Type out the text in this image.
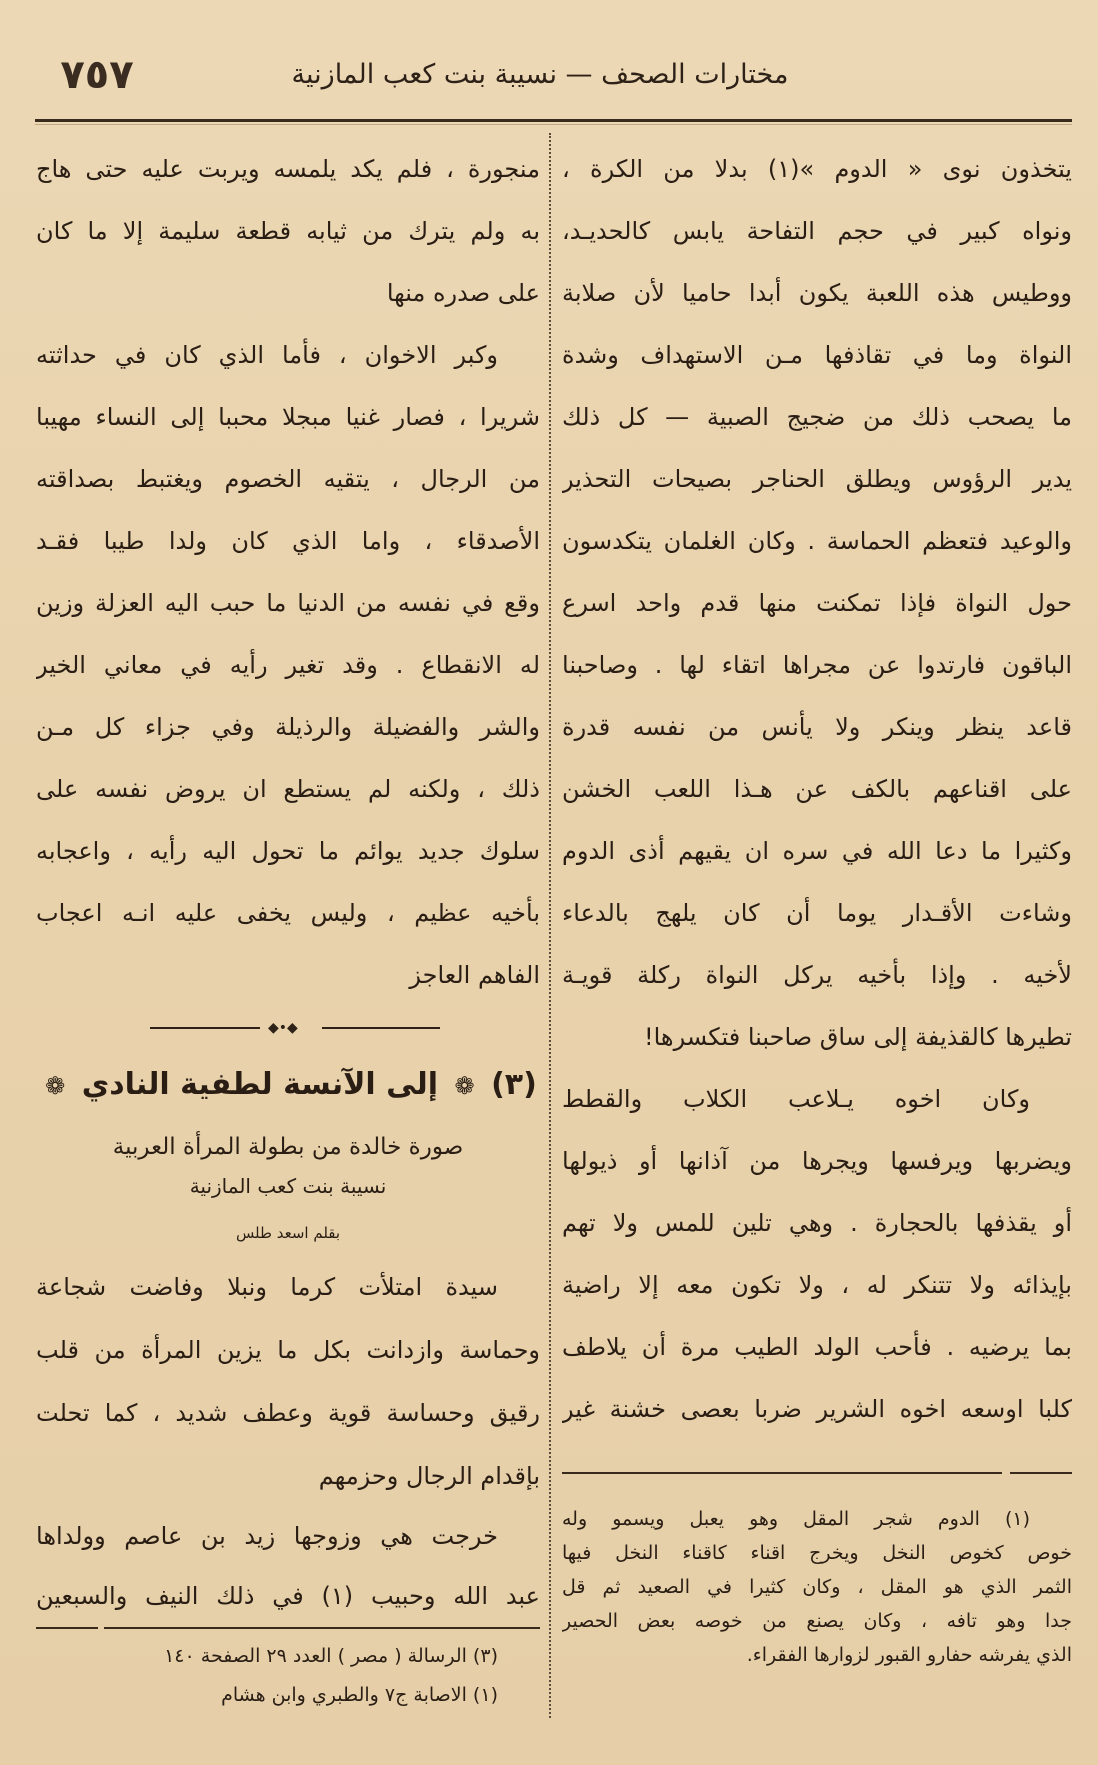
٧٥٧	مختارات الصحف — نسيبة بنت كعب المازنية
يتخذون نوى « الدوم »(١) بدلا من الكرة ،
ونواه كبير في حجم التفاحة يابس كالحديـد،
ووطيس هذه اللعبة يكون أبدا حاميا لأن صلابة
النواة وما في تقاذفها مـن الاستهداف وشدة
ما يصحب ذلك من ضجيج الصبية — كل ذلك
يدير الرؤوس ويطلق الحناجر بصيحات التحذير
والوعيد فتعظم الحماسة . وكان الغلمان يتكدسون
حول النواة فإذا تمكنت منها قدم واحد اسرع
الباقون فارتدوا عن مجراها اتقاء لها . وصاحبنا
قاعد ينظر وينكر ولا يأنس من نفسه قدرة
على اقناعهم بالكف عن هـذا اللعب الخشن
وكثيرا ما دعا الله في سره ان يقيهم أذى الدوم
وشاءت الأقـدار يوما أن كان يلهج بالدعاء
لأخيه . وإذا بأخيه يركل النواة ركلة قويـة
تطيرها كالقذيفة إلى ساق صاحبنا فتكسرها!
وكان اخوه يـلاعب الكلاب والقطط
ويضربها ويرفسها ويجرها من آذانها أو ذيولها
أو يقذفها بالحجارة . وهي تلين للمس ولا تهم
بإيذائه ولا تتنكر له ، ولا تكون معه إلا راضية
بما يرضيه . فأحب الولد الطيب مرة أن يلاطف
كلبا اوسعه اخوه الشرير ضربا بعصى خشنة غير
(١) الدوم شجر المقل وهو يعبل ويسمو وله
خوص كخوص النخل ويخرج اقناء كاقناء النخل فيها
الثمر الذي هو المقل ، وكان كثيرا في الصعيد ثم قل
جدا وهو تافه ، وكان يصنع من خوصه بعض الحصير
الذي يفرشه حفارو القبور لزوارها الفقراء.
منجورة ، فلم يكد يلمسه ويربت عليه حتى هاج
به ولم يترك من ثيابه قطعة سليمة إلا ما كان
على صدره منها
وكبر الاخوان ، فأما الذي كان في حداثته
شريرا ، فصار غنيا مبجلا محببا إلى النساء مهيبا
من الرجال ، يتقيه الخصوم ويغتبط بصداقته
الأصدقاء ، واما الذي كان ولدا طيبا فقـد
وقع في نفسه من الدنيا ما حبب اليه العزلة وزين
له الانقطاع . وقد تغير رأيه في معاني الخير
والشر والفضيلة والرذيلة وفي جزاء كل مـن
ذلك ، ولكنه لم يستطع ان يروض نفسه على
سلوك جديد يوائم ما تحول اليه رأيه ، واعجابه
بأخيه عظيم ، وليس يخفى عليه انـه اعجاب
الفاهم العاجز
◆•◆
(٣) ❁ إلى الآنسة لطفية النادي ❁
صورة خالدة من بطولة المرأة العربية
نسيبة بنت كعب المازنية
بقلم اسعد طلس
سيدة امتلأت كرما ونبلا وفاضت شجاعة
وحماسة وازدانت بكل ما يزين المرأة من قلب
رقيق وحساسة قوية وعطف شديد ، كما تحلت
بإقدام الرجال وحزمهم
خرجت هي وزوجها زيد بن عاصم وولداها
عبد الله وحبيب (١) في ذلك النيف والسبعين
(٣) الرسالة ( مصر ) العدد ٢٩ الصفحة ١٤٠
(١) الاصابة ج٧ والطبري وابن هشام
